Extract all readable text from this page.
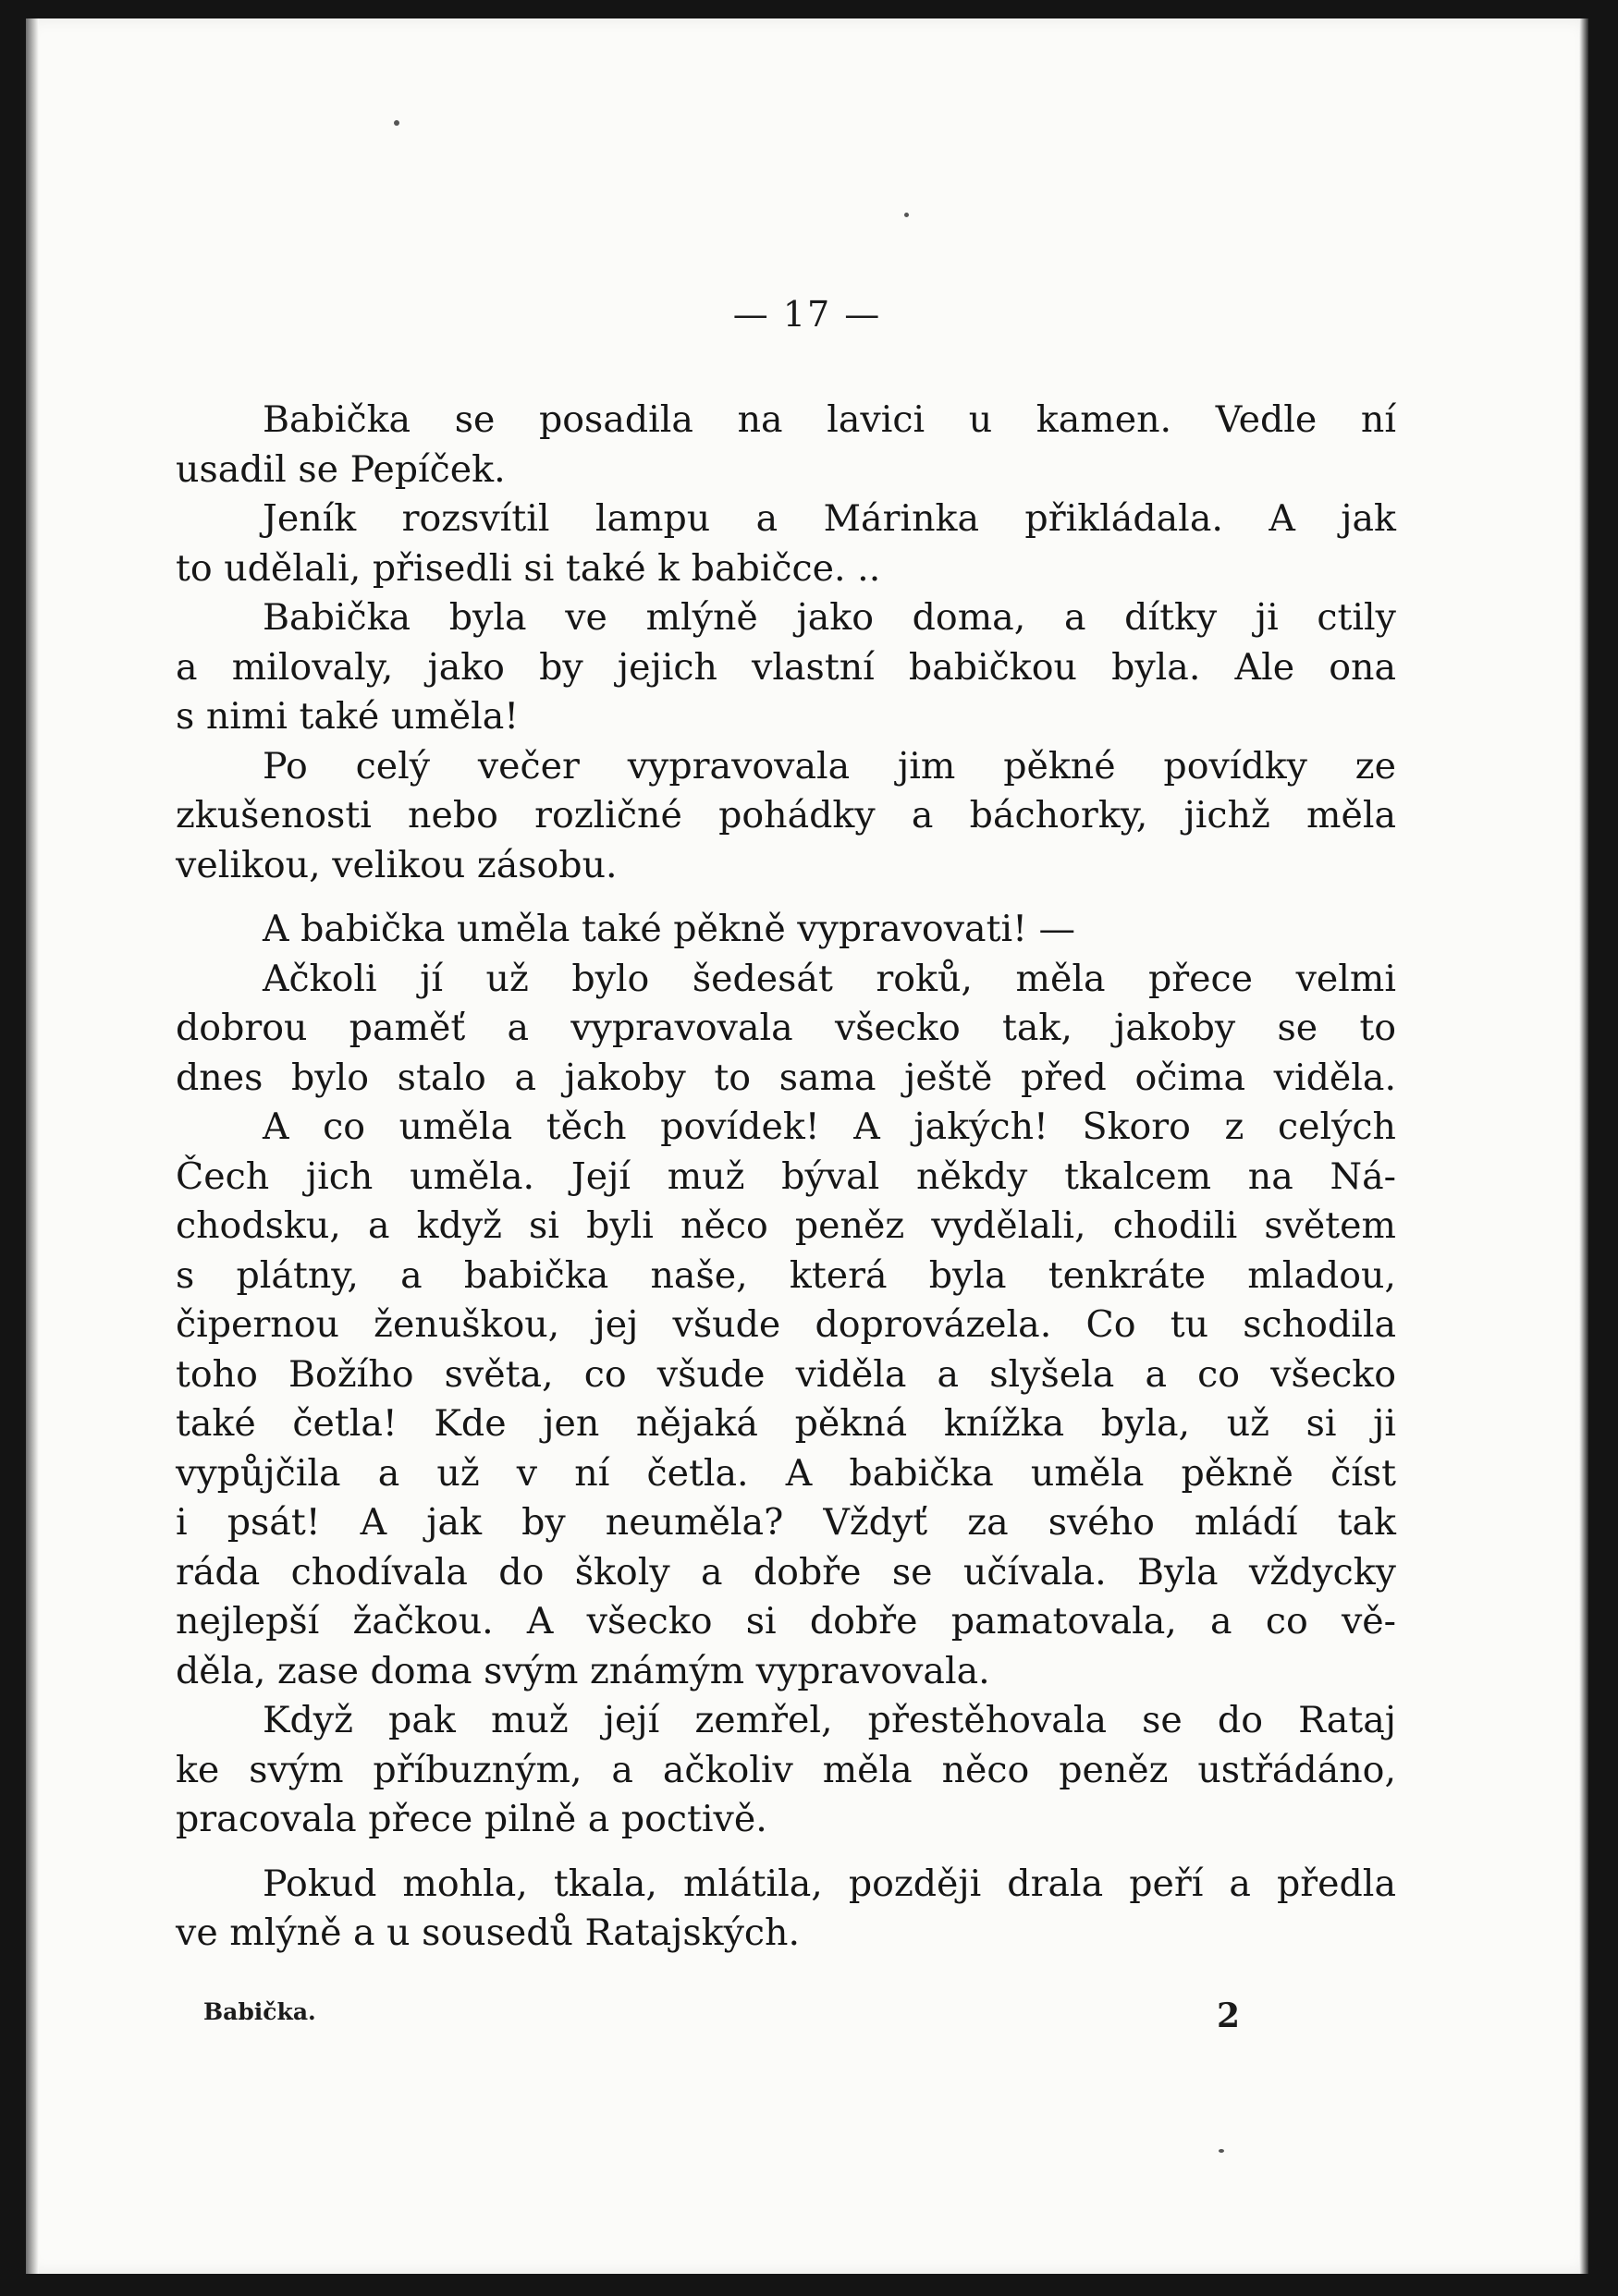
— 17 —
Babička se posadila na lavici u kamen. Vedle ní
usadil se Pepíček.
Jeník rozsvítil lampu a Márinka přikládala. A jak
to udělali, přisedli si také k babičce. ..
Babička byla ve mlýně jako doma, a dítky ji ctily
a milovaly, jako by jejich vlastní babičkou byla. Ale ona
s nimi také uměla!
Po celý večer vypravovala jim pěkné povídky ze
zkušenosti nebo rozličné pohádky a báchorky, jichž měla
velikou, velikou zásobu.
A babička uměla také pěkně vypravovati! —
Ačkoli jí už bylo šedesát roků, měla přece velmi
dobrou paměť a vypravovala všecko tak, jakoby se to
dnes bylo stalo a jakoby to sama ještě před očima viděla.
A co uměla těch povídek! A jakých! Skoro z celých
Čech jich uměla. Její muž býval někdy tkalcem na Ná-
chodsku, a když si byli něco peněz vydělali, chodili světem
s plátny, a babička naše, která byla tenkráte mladou,
čipernou ženuškou, jej všude doprovázela. Co tu schodila
toho Božího světa, co všude viděla a slyšela a co všecko
také četla! Kde jen nějaká pěkná knížka byla, už si ji
vypůjčila a už v ní četla. A babička uměla pěkně číst
i psát! A jak by neuměla? Vždyť za svého mládí tak
ráda chodívala do školy a dobře se učívala. Byla vždycky
nejlepší žačkou. A všecko si dobře pamatovala, a co vě-
děla, zase doma svým známým vypravovala.
Když pak muž její zemřel, přestěhovala se do Rataj
ke svým příbuzným, a ačkoliv měla něco peněz ustřádáno,
pracovala přece pilně a poctivě.
Pokud mohla, tkala, mlátila, později drala peří a předla
ve mlýně a u sousedů Ratajských.
Babička.	2
